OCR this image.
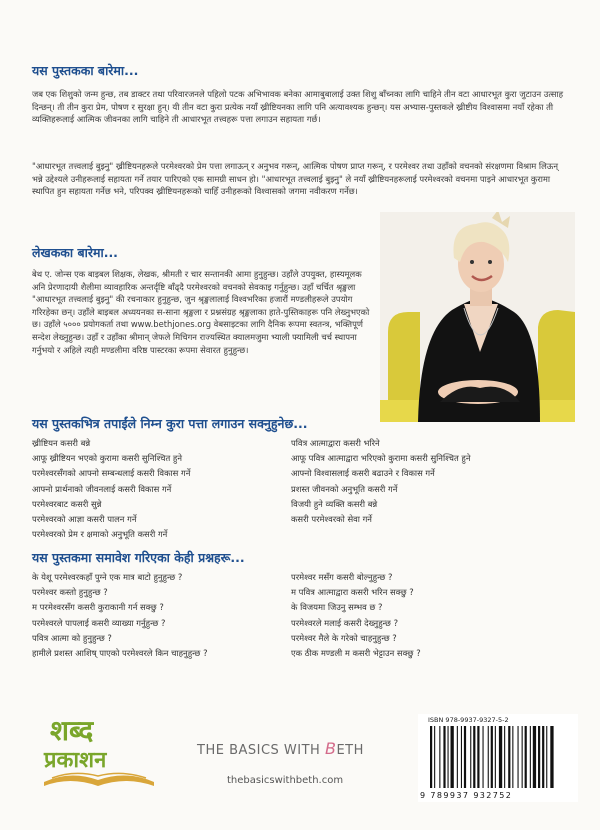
यस पुस्तकका बारेमा...
जब एक शिशुको जन्म हुन्छ, तब डाक्टर तथा परिवारजनले पहिलो पटक अभिभावक बनेका आमाबुबालाई उक्त शिशु बाँच्नका लागि चाहिने तीन वटा आधारभूत कुरा जुटाउन उत्साह दिन्छन्। ती तीन कुरा प्रेम, पोषण र सुरक्षा हुन्। यी तीन वटा कुरा प्रत्येक नयाँ ख्रीष्टियनका लागि पनि अत्यावश्यक हुन्छन्। यस अभ्यास-पुस्तकले ख्रीष्टीय विश्वासमा नयाँ रहेका ती व्यक्तिहरूलाई आत्मिक जीवनका लागि चाहिने ती आधारभूत तत्त्वहरू पत्ता लगाउन सहायता गर्छ।
"आधारभूत तत्त्वलाई बुझ्नु" ख्रीष्टियनहरूले परमेश्वरको प्रेम पत्ता लगाऊन् र अनुभव गरून्, आत्मिक पोषण प्राप्त गरून्, र परमेश्वर तथा उहाँको वचनको संरक्षणमा विश्राम लिऊन् भन्ने उद्देश्यले उनीहरूलाई सहायता गर्ने तयार पारिएको एक सामग्री साधन हो। "आधारभूत तत्त्वलाई बुझ्नु" ले नयाँ ख्रीष्टियनहरूलाई परमेश्वरको वचनमा पाइने आधारभूत कुरामा स्थापित हुन सहायता गर्नेछ भने, परिपक्व ख्रीष्टियनहरूको चाहिँ उनीहरूको विश्वासको जगमा नवीकरण गर्नेछ।
लेखकका बारेमा...
बेथ ए. जोन्स एक बाइबल शिक्षक, लेखक, श्रीमती र चार सन्तानकी आमा हुनुहुन्छ। उहाँले उपयुक्त, हास्यमूलक अनि प्रेरणादायी शैलीमा व्यावहारिक अन्तर्दृष्टि बाँढ्दै परमेश्वरको वचनको सेवकाइ गर्नुहुन्छ। उहाँ चर्चित श्रृङ्खला "आधारभूत तत्त्वलाई बुझ्नु" की रचनाकार हुनुहुन्छ, जुन श्रृङ्खलालाई विश्वभरिका हजारौं मण्डलीहरूले उपयोग गरिरहेका छन्। उहाँले बाइबल अध्ययनका स-साना श्रृङ्खला र प्रश्नसंग्रह श्रृङ्खलाका हाते-पुस्तिकाहरू पनि लेख्नुभएको छ। उहाँले ५००० प्रयोगकर्ता तथा www.bethjones.org वेबसाइटका लागि दैनिक रूपमा स्वतन्त्र, भक्तिपूर्ण सन्देश लेख्नुहुन्छ। उहाँ र उहाँका श्रीमान् जेफले मिचिगन राज्यस्थित क्यालमजुमा भ्याली फ्यामिली चर्च स्थापना गर्नुभयो र अहिले त्यही मण्डलीमा वरिष्ठ पास्टरका रूपमा सेवारत हुनुहुन्छ।
यस पुस्तकभित्र तपाईंले निम्न कुरा पत्ता लगाउन सक्नुहुनेछ...
ख्रीष्टियन कसरी बन्ने
आफू ख्रीष्टियन भएको कुरामा कसरी सुनिश्चित हुने
परमेश्वरसँगको आफ्नो सम्बन्धलाई कसरी विकास गर्ने
आफ्नो प्रार्थनाको जीवनलाई कसरी विकास गर्ने
परमेश्वरबाट कसरी सुन्ने
परमेश्वरको आज्ञा कसरी पालन गर्ने
परमेश्वरको प्रेम र क्षमाको अनुभूति कसरी गर्ने
पवित्र आत्माद्वारा कसरी भरिने
आफू पवित्र आत्माद्वारा भरिएको कुरामा कसरी सुनिश्चित हुने
आफ्नो विश्वासलाई कसरी बढाउने र विकास गर्ने
प्रशस्त जीवनको अनुभूति कसरी गर्ने
विजयी हुने व्यक्ति कसरी बन्ने
कसरी परमेश्वरको सेवा गर्ने
यस पुस्तकमा समावेश गरिएका केही प्रश्नहरू...
के येशू परमेश्वरकहाँ पुग्ने एक मात्र बाटो हुनुहुन्छ ?
परमेश्वर कस्तो हुनुहुन्छ ?
म परमेश्वरसँग कसरी कुराकानी गर्न सक्छु ?
परमेश्वरले पापलाई कसरी व्याख्या गर्नुहुन्छ ?
पवित्र आत्मा को हुनुहुन्छ ?
हामीले प्रशस्त आशिष् पाएको परमेश्वरले किन चाहनुहुन्छ ?
परमेश्वर मसँग कसरी बोल्नुहुन्छ ?
म पवित्र आत्माद्वारा कसरी भरिन सक्छु ?
के विजयमा जिउनु सम्भव छ ?
परमेश्वरले मलाई कसरी देख्नुहुन्छ ?
परमेश्वर मैले के गरेको चाहनुहुन्छ ?
एक ठीक मण्डली म कसरी भेट्टाउन सक्छु ?
शब्द
प्रकाशन	THE BASICS WITH BETH
thebasicswithbeth.com
ISBN 978-9937-9327-5-2
9 789937 932752
